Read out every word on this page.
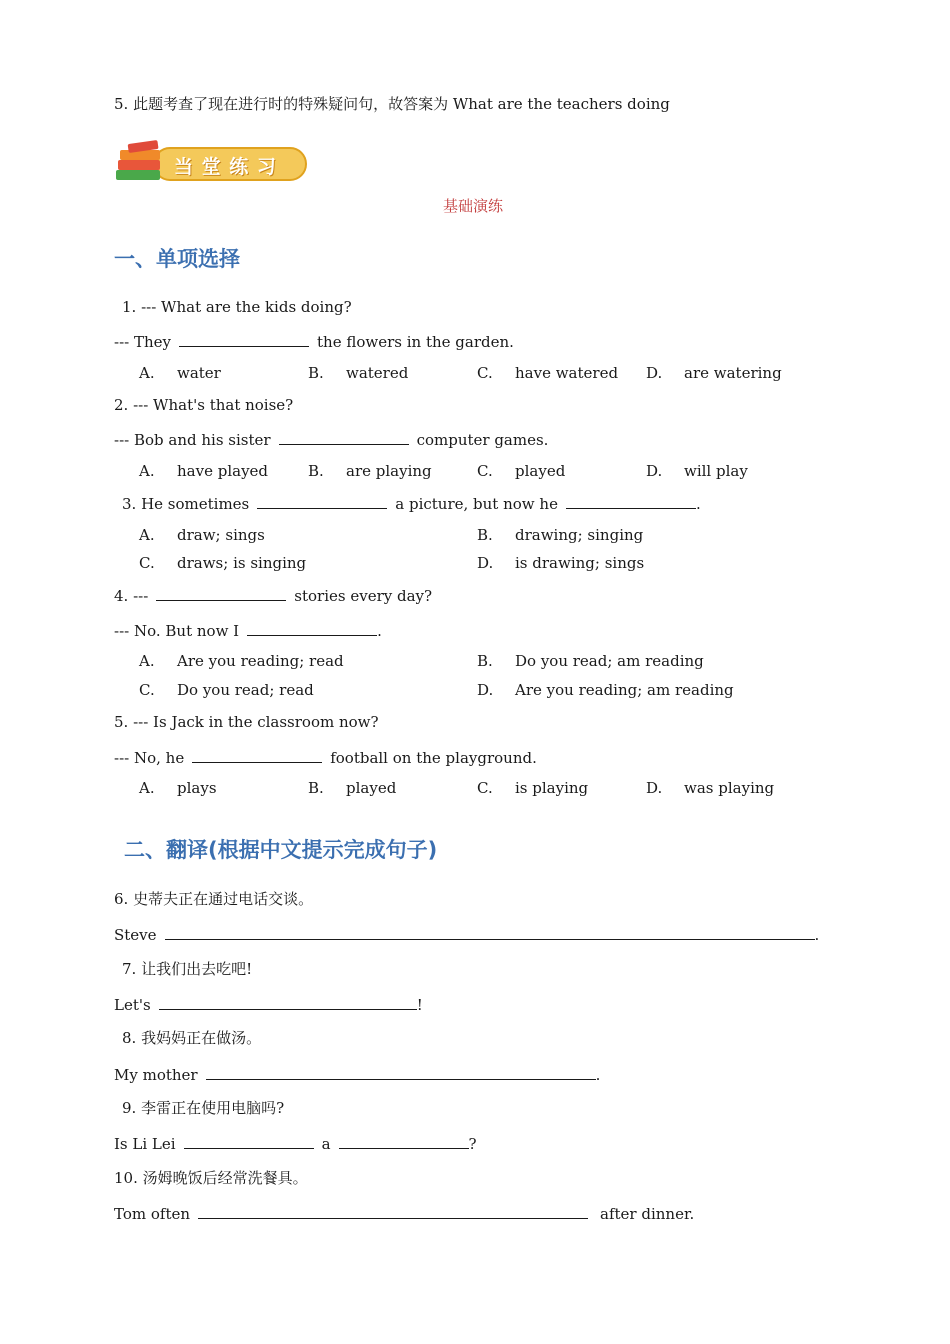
5. 此题考查了现在进行时的特殊疑问句，故答案为 What are the teachers doing
当 堂 练 习
基础演练
一、单项选择
1. --- What are the kids doing?
--- They	the flowers in the garden.
A. water	B. watered	C. have watered D. are watering
2. --- What's that noise?
--- Bob and his sister	computer games.
A. have played	B. are playing	C. played	D. will play
3. He sometimes	a picture, but now he	.
A. draw; sings	B. drawing; singing
C. draws; is singing	D. is drawing; sings
4. ---	stories every day?
--- No. But now I	.
A. Are you reading; read	B. Do you read; am reading
C. Do you read; read	D. Are you reading; am reading
5. --- Is Jack in the classroom now?
--- No, he	football on the playground.
A. plays	B. played	C. is playing	D. was playing
二、翻译(根据中文提示完成句子)
6. 史蒂夫正在通过电话交谈。
Steve	.
7. 让我们出去吃吧!
Let's	!
8. 我妈妈正在做汤。
My mother	.
9. 李雷正在使用电脑吗?
Is Li Lei	a	?
10. 汤姆晚饭后经常洗餐具。
Tom often	after dinner.
